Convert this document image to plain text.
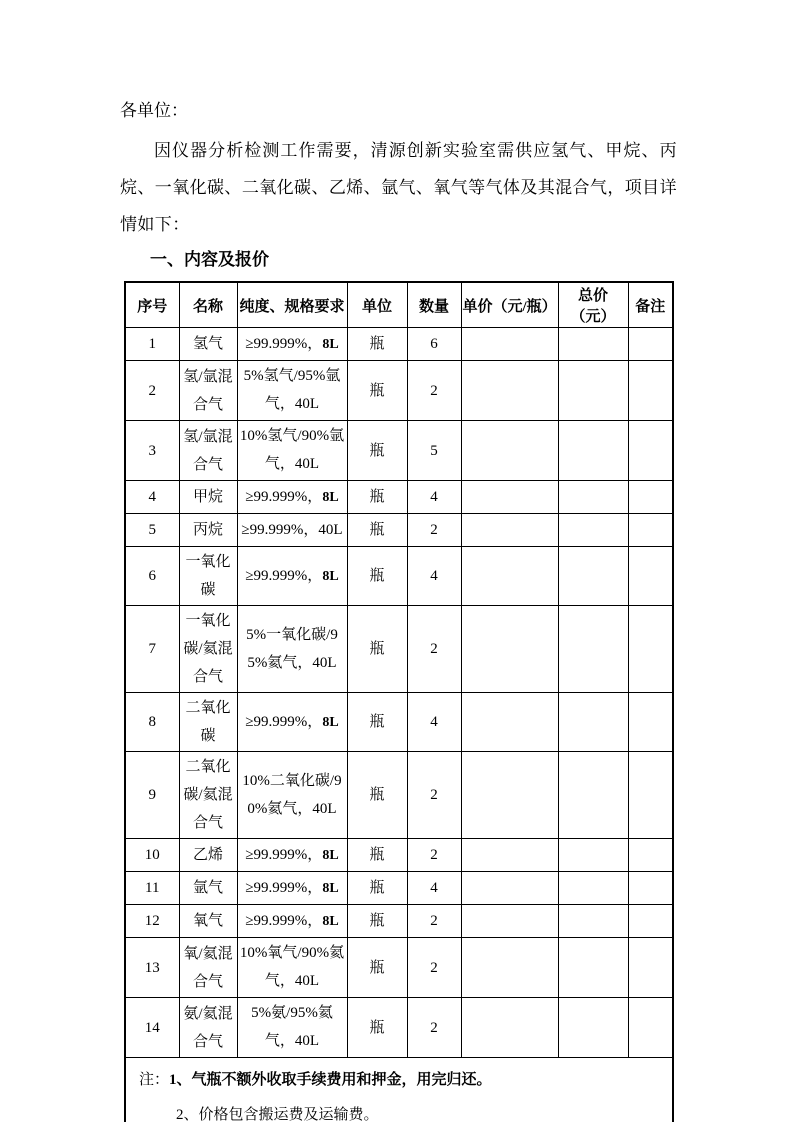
各单位：

因仪器分析检测工作需要，清源创新实验室需供应氢气、甲烷、丙烷、一氧化碳、二氧化碳、乙烯、氩气、氧气等气体及其混合气，项目详情如下：

一、内容及报价
序号	名称	纯度、规格要求	单位	数量	单价（元/瓶）	总价（元）	备注
1	氢气	≥99.999%，8L	瓶	6			
2	氢/氩混合气	5%氢气/95%氩气，40L	瓶	2			
3	氢/氩混合气	10%氢气/90%氩气，40L	瓶	5			
4	甲烷	≥99.999%，8L	瓶	4			
5	丙烷	≥99.999%，40L	瓶	2			
6	一氧化碳	≥99.999%，8L	瓶	4			
7	一氧化碳/氦混合气	5%一氧化碳/95%氦气，40L	瓶	2			
8	二氧化碳	≥99.999%，8L	瓶	4			
9	二氧化碳/氦混合气	10%二氧化碳/90%氦气，40L	瓶	2			
10	乙烯	≥99.999%，8L	瓶	2			
11	氩气	≥99.999%，8L	瓶	4			
12	氧气	≥99.999%，8L	瓶	2			
13	氧/氦混合气	10%氧气/90%氦气，40L	瓶	2			
14	氨/氦混合气	5%氨/95%氦气，40L	瓶	2			

注：1、气瓶不额外收取手续费用和押金，用完归还。
2、价格包含搬运费及运输费。							
